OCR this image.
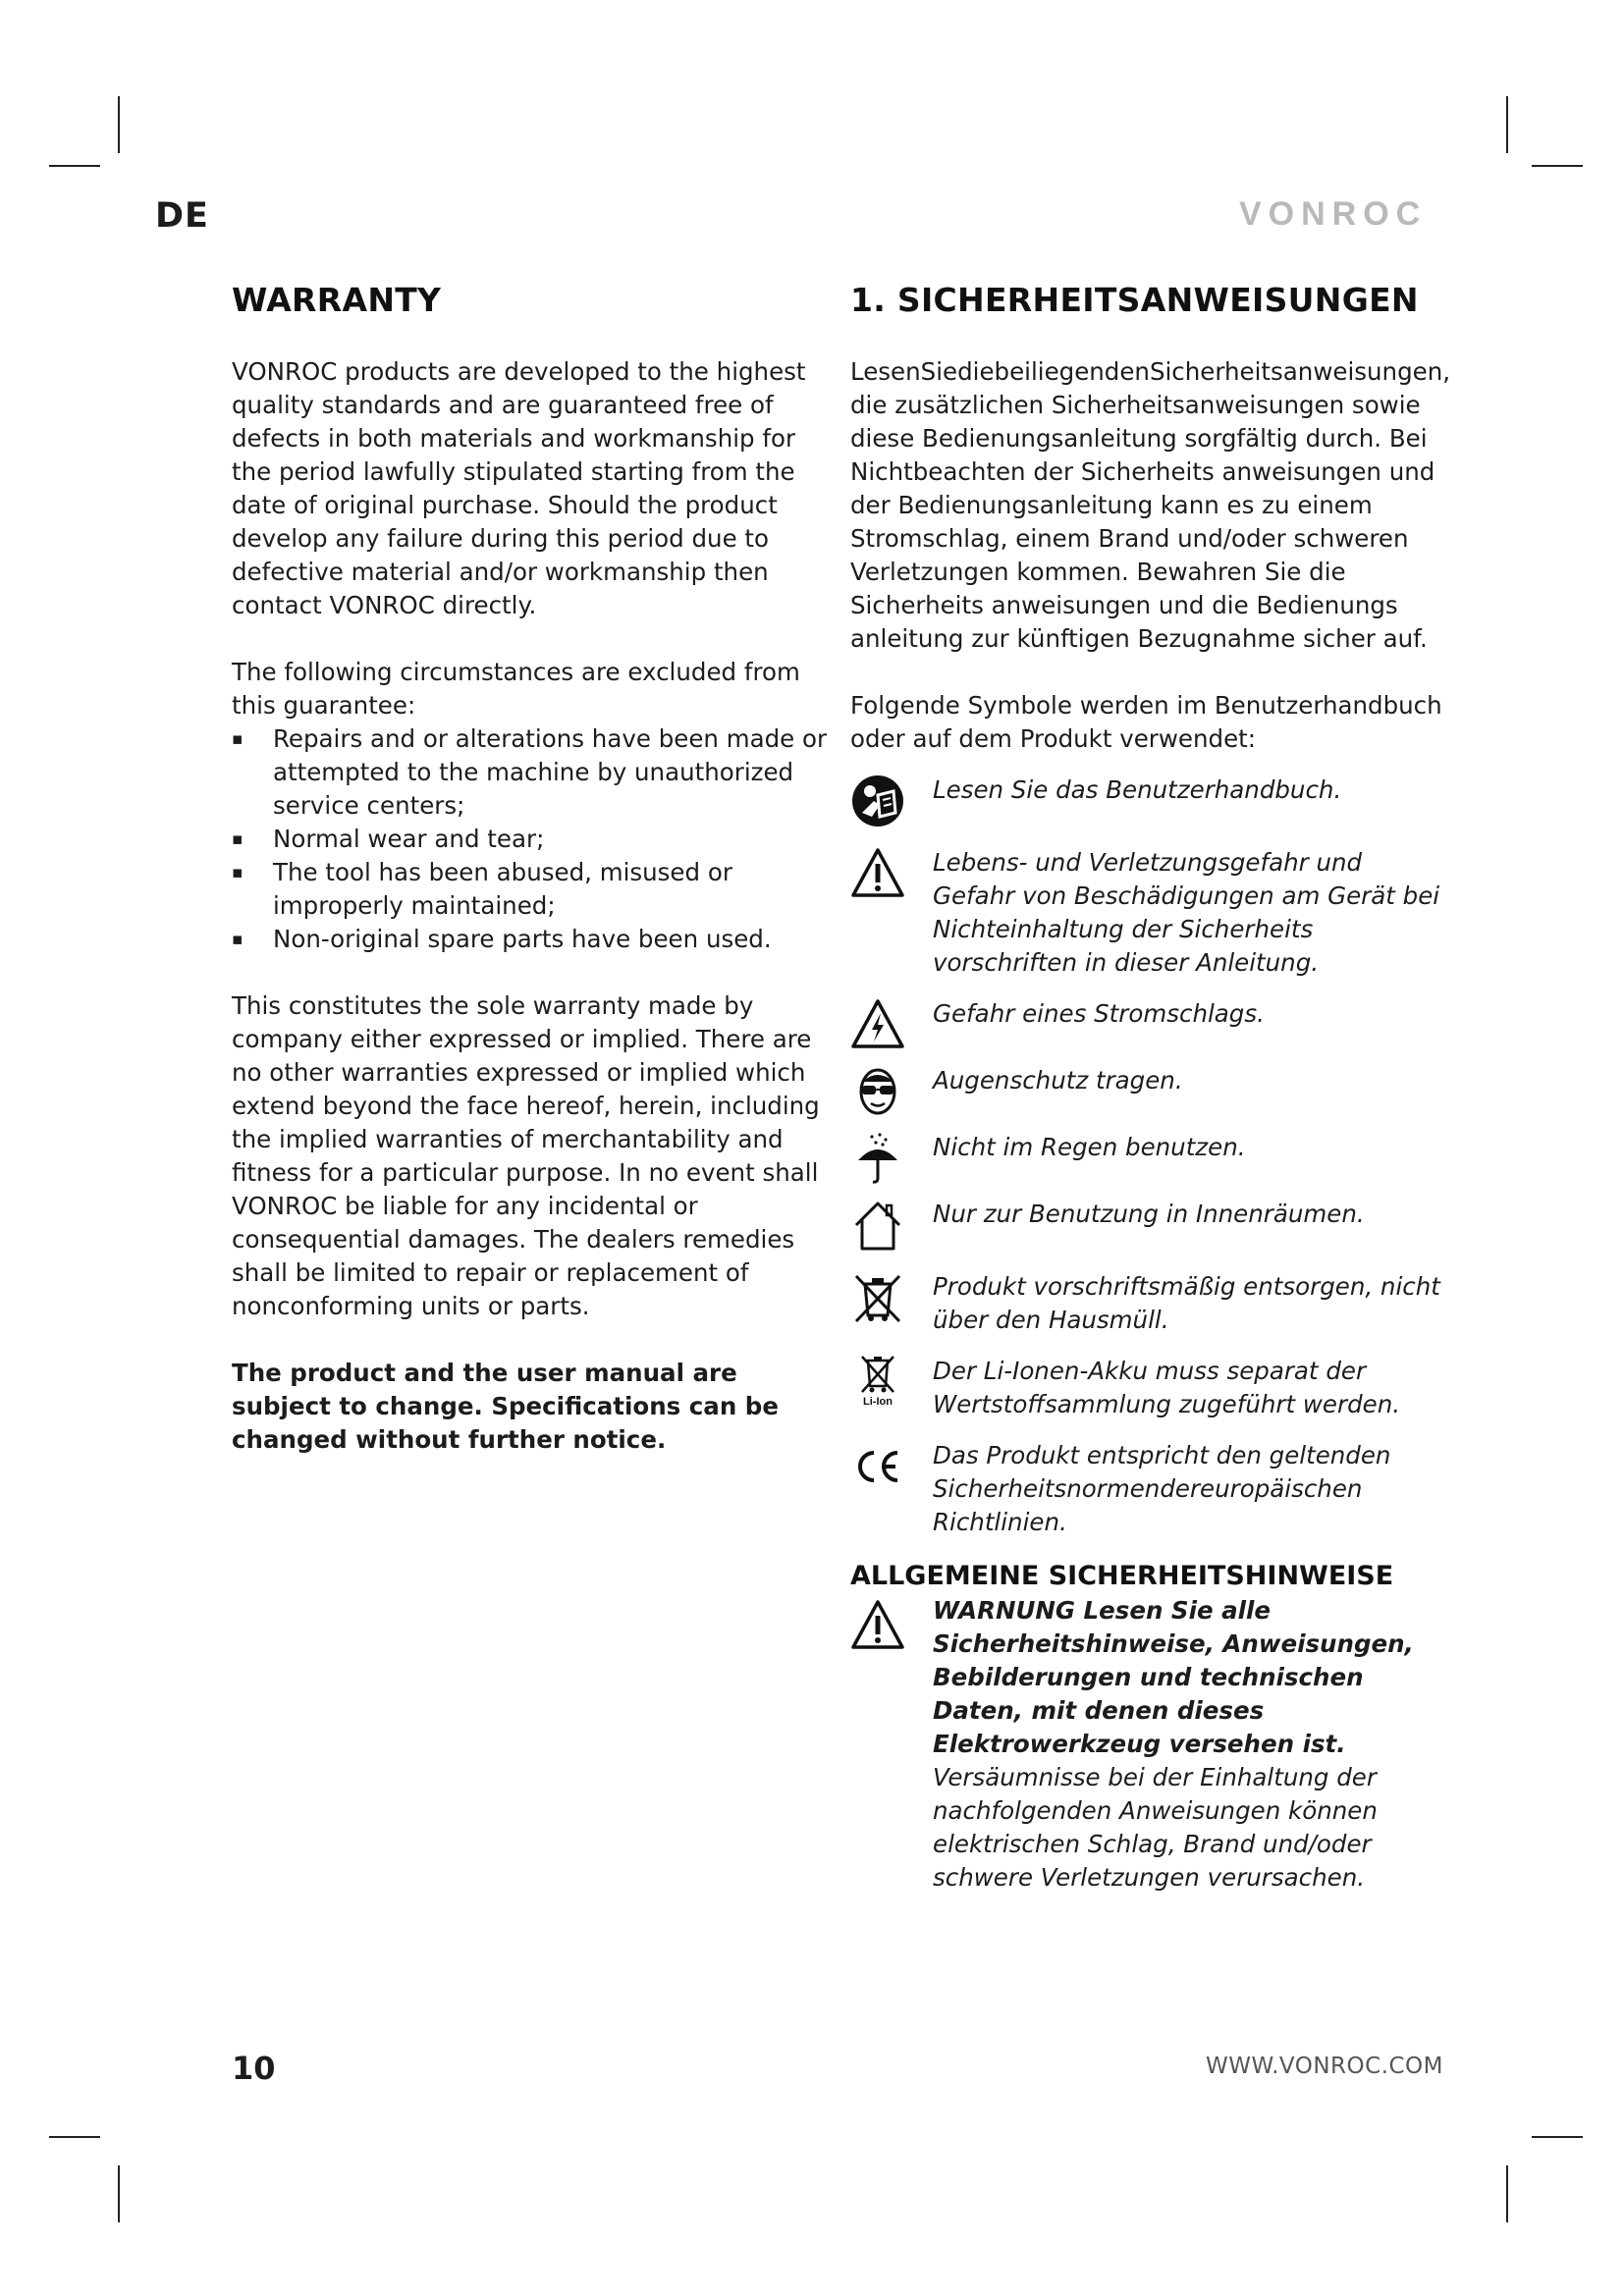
DE	VONROC
WARRANTY

VONROC products are developed to the highest quality standards and are guaranteed free of defects in both materials and workmanship for the period lawfully stipulated starting from the date of original purchase. Should the product develop any failure during this period due to defective material and/or workmanship then contact VONROC directly.

The following circumstances are excluded from this guarantee:

▪ Repairs and or alterations have been made or attempted to the machine by unauthorized service centers;
▪ Normal wear and tear;
▪ The tool has been abused, misused or improperly maintained;
▪ Non-original spare parts have been used.

This constitutes the sole warranty made by company either expressed or implied. There are no other warranties expressed or implied which extend beyond the face hereof, herein, including the implied warranties of merchantability and fitness for a particular purpose. In no event shall VONROC be liable for any incidental or consequential damages. The dealers remedies shall be limited to repair or replacement of nonconforming units or parts.

The product and the user manual are subject to change. Specifications can be changed without further notice.

1. SICHERHEITSANWEISUNGEN

LesenSiediebeiliegendenSicherheitsanweisungen, die zusätzlichen Sicherheitsanweisungen sowie diese Bedienungsanleitung sorgfältig durch. Bei Nichtbeachten der Sicherheits anweisungen und der Bedienungsanleitung kann es zu einem Stromschlag, einem Brand und/oder schweren Verletzungen kommen. Bewahren Sie die Sicherheits anweisungen und die Bedienungs anleitung zur künftigen Bezugnahme sicher auf.

Folgende Symbole werden im Benutzerhandbuch oder auf dem Produkt verwendet:

Lesen Sie das Benutzerhandbuch.
Lebens- und Verletzungsgefahr und Gefahr von Beschädigungen am Gerät bei Nichteinhaltung der Sicherheits vorschriften in dieser Anleitung.
Gefahr eines Stromschlags.
Augenschutz tragen.
Nicht im Regen benutzen.
Nur zur Benutzung in Innenräumen.
Produkt vorschriftsmäßig entsorgen, nicht über den Hausmüll.
Li-Ion
Der Li-Ionen-Akku muss separat der Wertstoffsammlung zugeführt werden.
Das Produkt entspricht den geltenden Sicherheitsnormendereuropäischen Richtlinien.
ALLGEMEINE SICHERHEITSHINWEISE
WARNUNG Lesen Sie alle Sicherheitshinweise, Anweisungen, Bebilderungen und technischen Daten, mit denen dieses Elektrowerkzeug versehen ist. Versäumnisse bei der Einhaltung der nachfolgenden Anweisungen können elektrischen Schlag, Brand und/oder schwere Verletzungen verursachen.
10	WWW.VONROC.COM
